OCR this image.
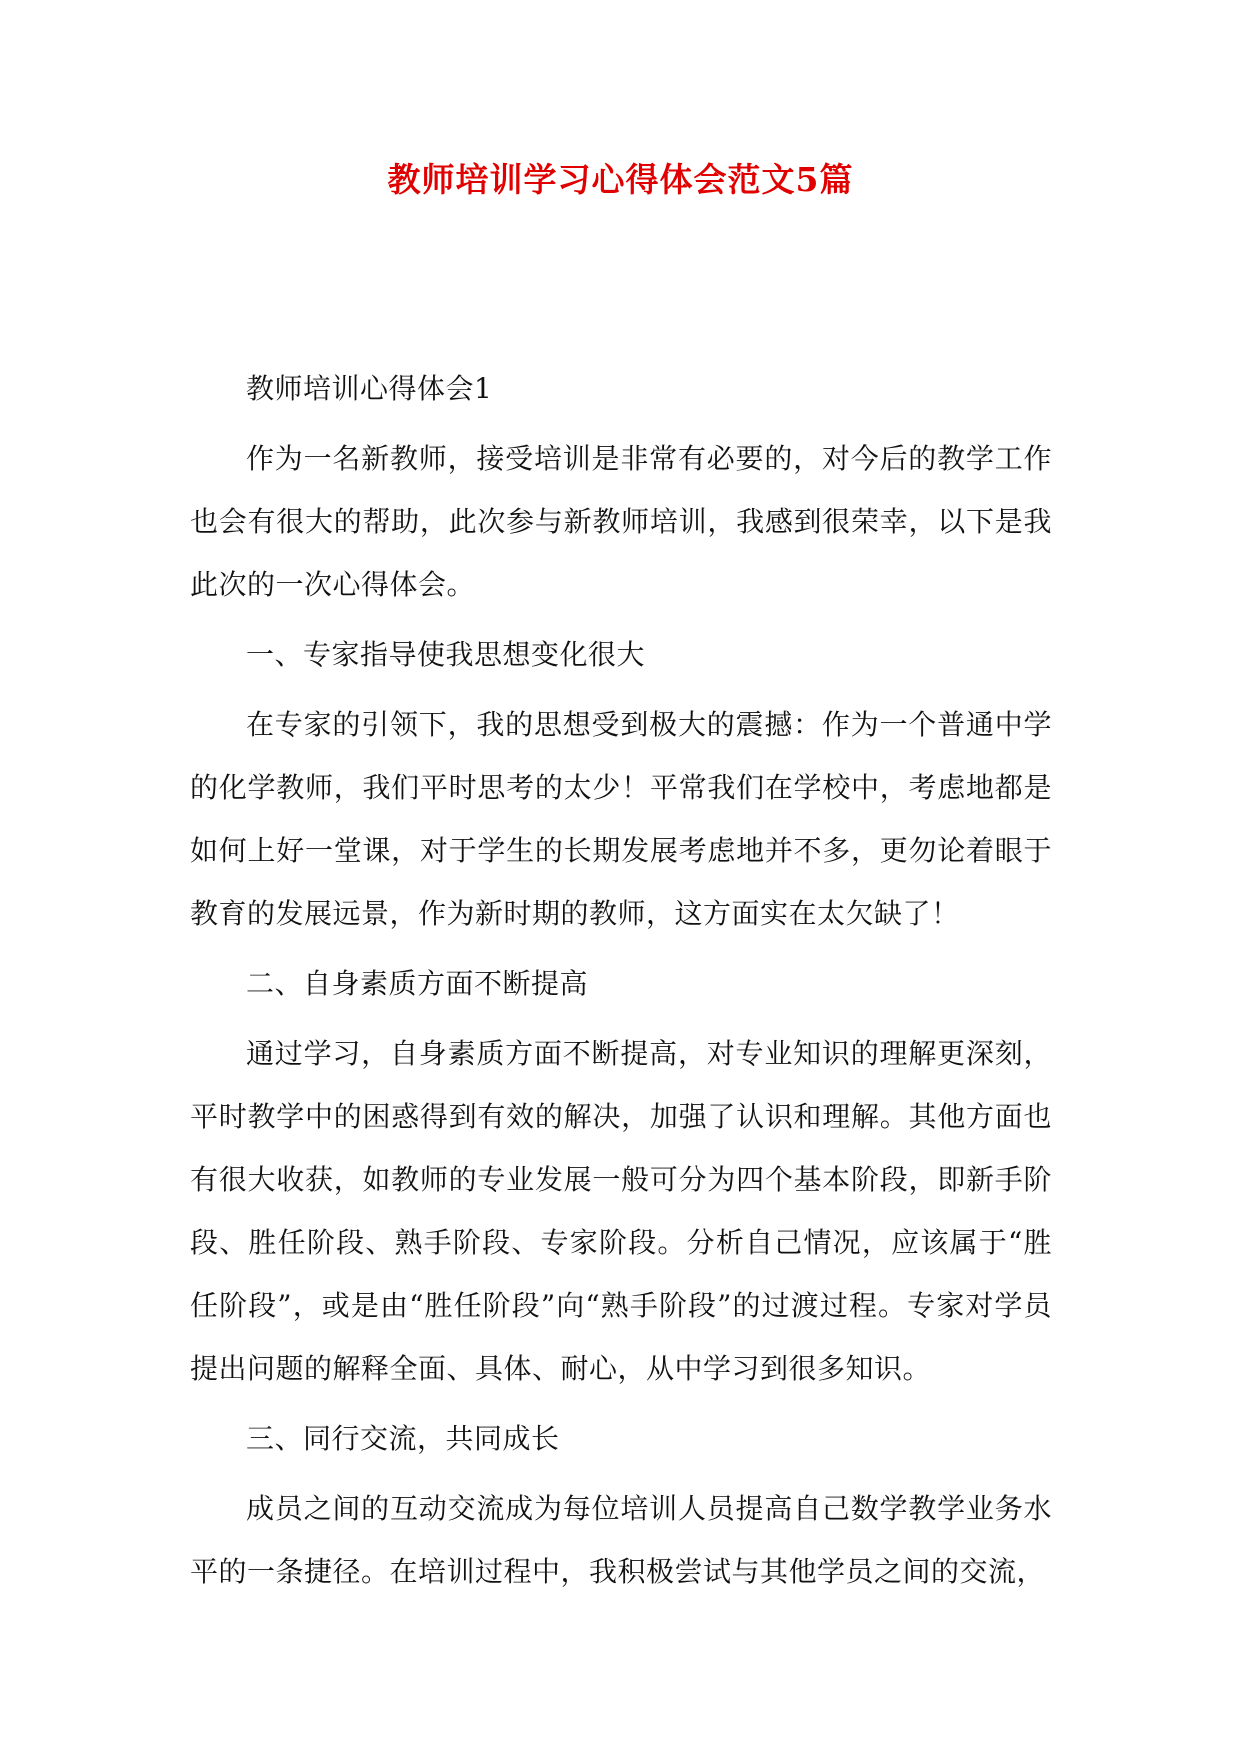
教师培训学习心得体会范文5篇

教师培训心得体会1

作为一名新教师，接受培训是非常有必要的，对今后的教学工作也会有很大的帮助，此次参与新教师培训，我感到很荣幸，以下是我此次的一次心得体会。

一、专家指导使我思想变化很大

在专家的引领下，我的思想受到极大的震撼：作为一个普通中学的化学教师，我们平时思考的太少！平常我们在学校中，考虑地都是如何上好一堂课，对于学生的长期发展考虑地并不多，更勿论着眼于教育的发展远景，作为新时期的教师，这方面实在太欠缺了！

二、自身素质方面不断提高

通过学习，自身素质方面不断提高，对专业知识的理解更深刻，平时教学中的困惑得到有效的解决，加强了认识和理解。其他方面也有很大收获，如教师的专业发展一般可分为四个基本阶段，即新手阶段、胜任阶段、熟手阶段、专家阶段。分析自己情况，应该属于“胜任阶段”，或是由“胜任阶段”向“熟手阶段”的过渡过程。专家对学员提出问题的解释全面、具体、耐心，从中学习到很多知识。

三、同行交流，共同成长

成员之间的互动交流成为每位培训人员提高自己数学教学业务水平的一条捷径。在培训过程中，我积极尝试与其他学员之间的交流，
